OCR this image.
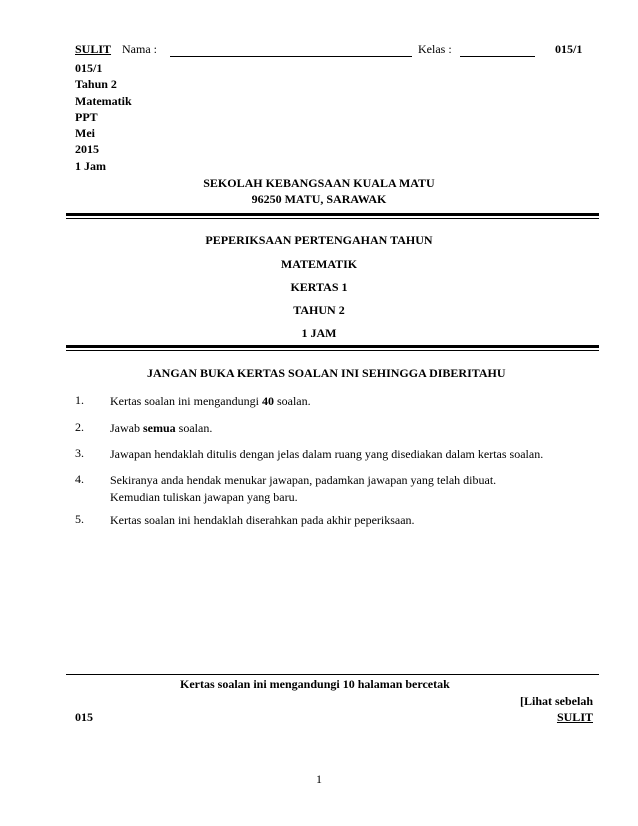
SULIT Nama :	Kelas :	015/1
015/1
Tahun 2
Matematik
PPT
Mei
2015
1 Jam
SEKOLAH KEBANGSAAN KUALA MATU
96250 MATU, SARAWAK
PEPERIKSAAN PERTENGAHAN TAHUN
MATEMATIK
KERTAS 1
TAHUN 2
1 JAM
JANGAN BUKA KERTAS SOALAN INI SEHINGGA DIBERITAHU
1. Kertas soalan ini mengandungi 40 soalan.
2. Jawab semua soalan.
3. Jawapan hendaklah ditulis dengan jelas dalam ruang yang disediakan dalam kertas soalan.
4. Sekiranya anda hendak menukar jawapan, padamkan jawapan yang telah dibuat.
Kemudian tuliskan jawapan yang baru.
5. Kertas soalan ini hendaklah diserahkan pada akhir peperiksaan.
Kertas soalan ini mengandungi 10 halaman bercetak
[Lihat sebelah
015	SULIT
1
